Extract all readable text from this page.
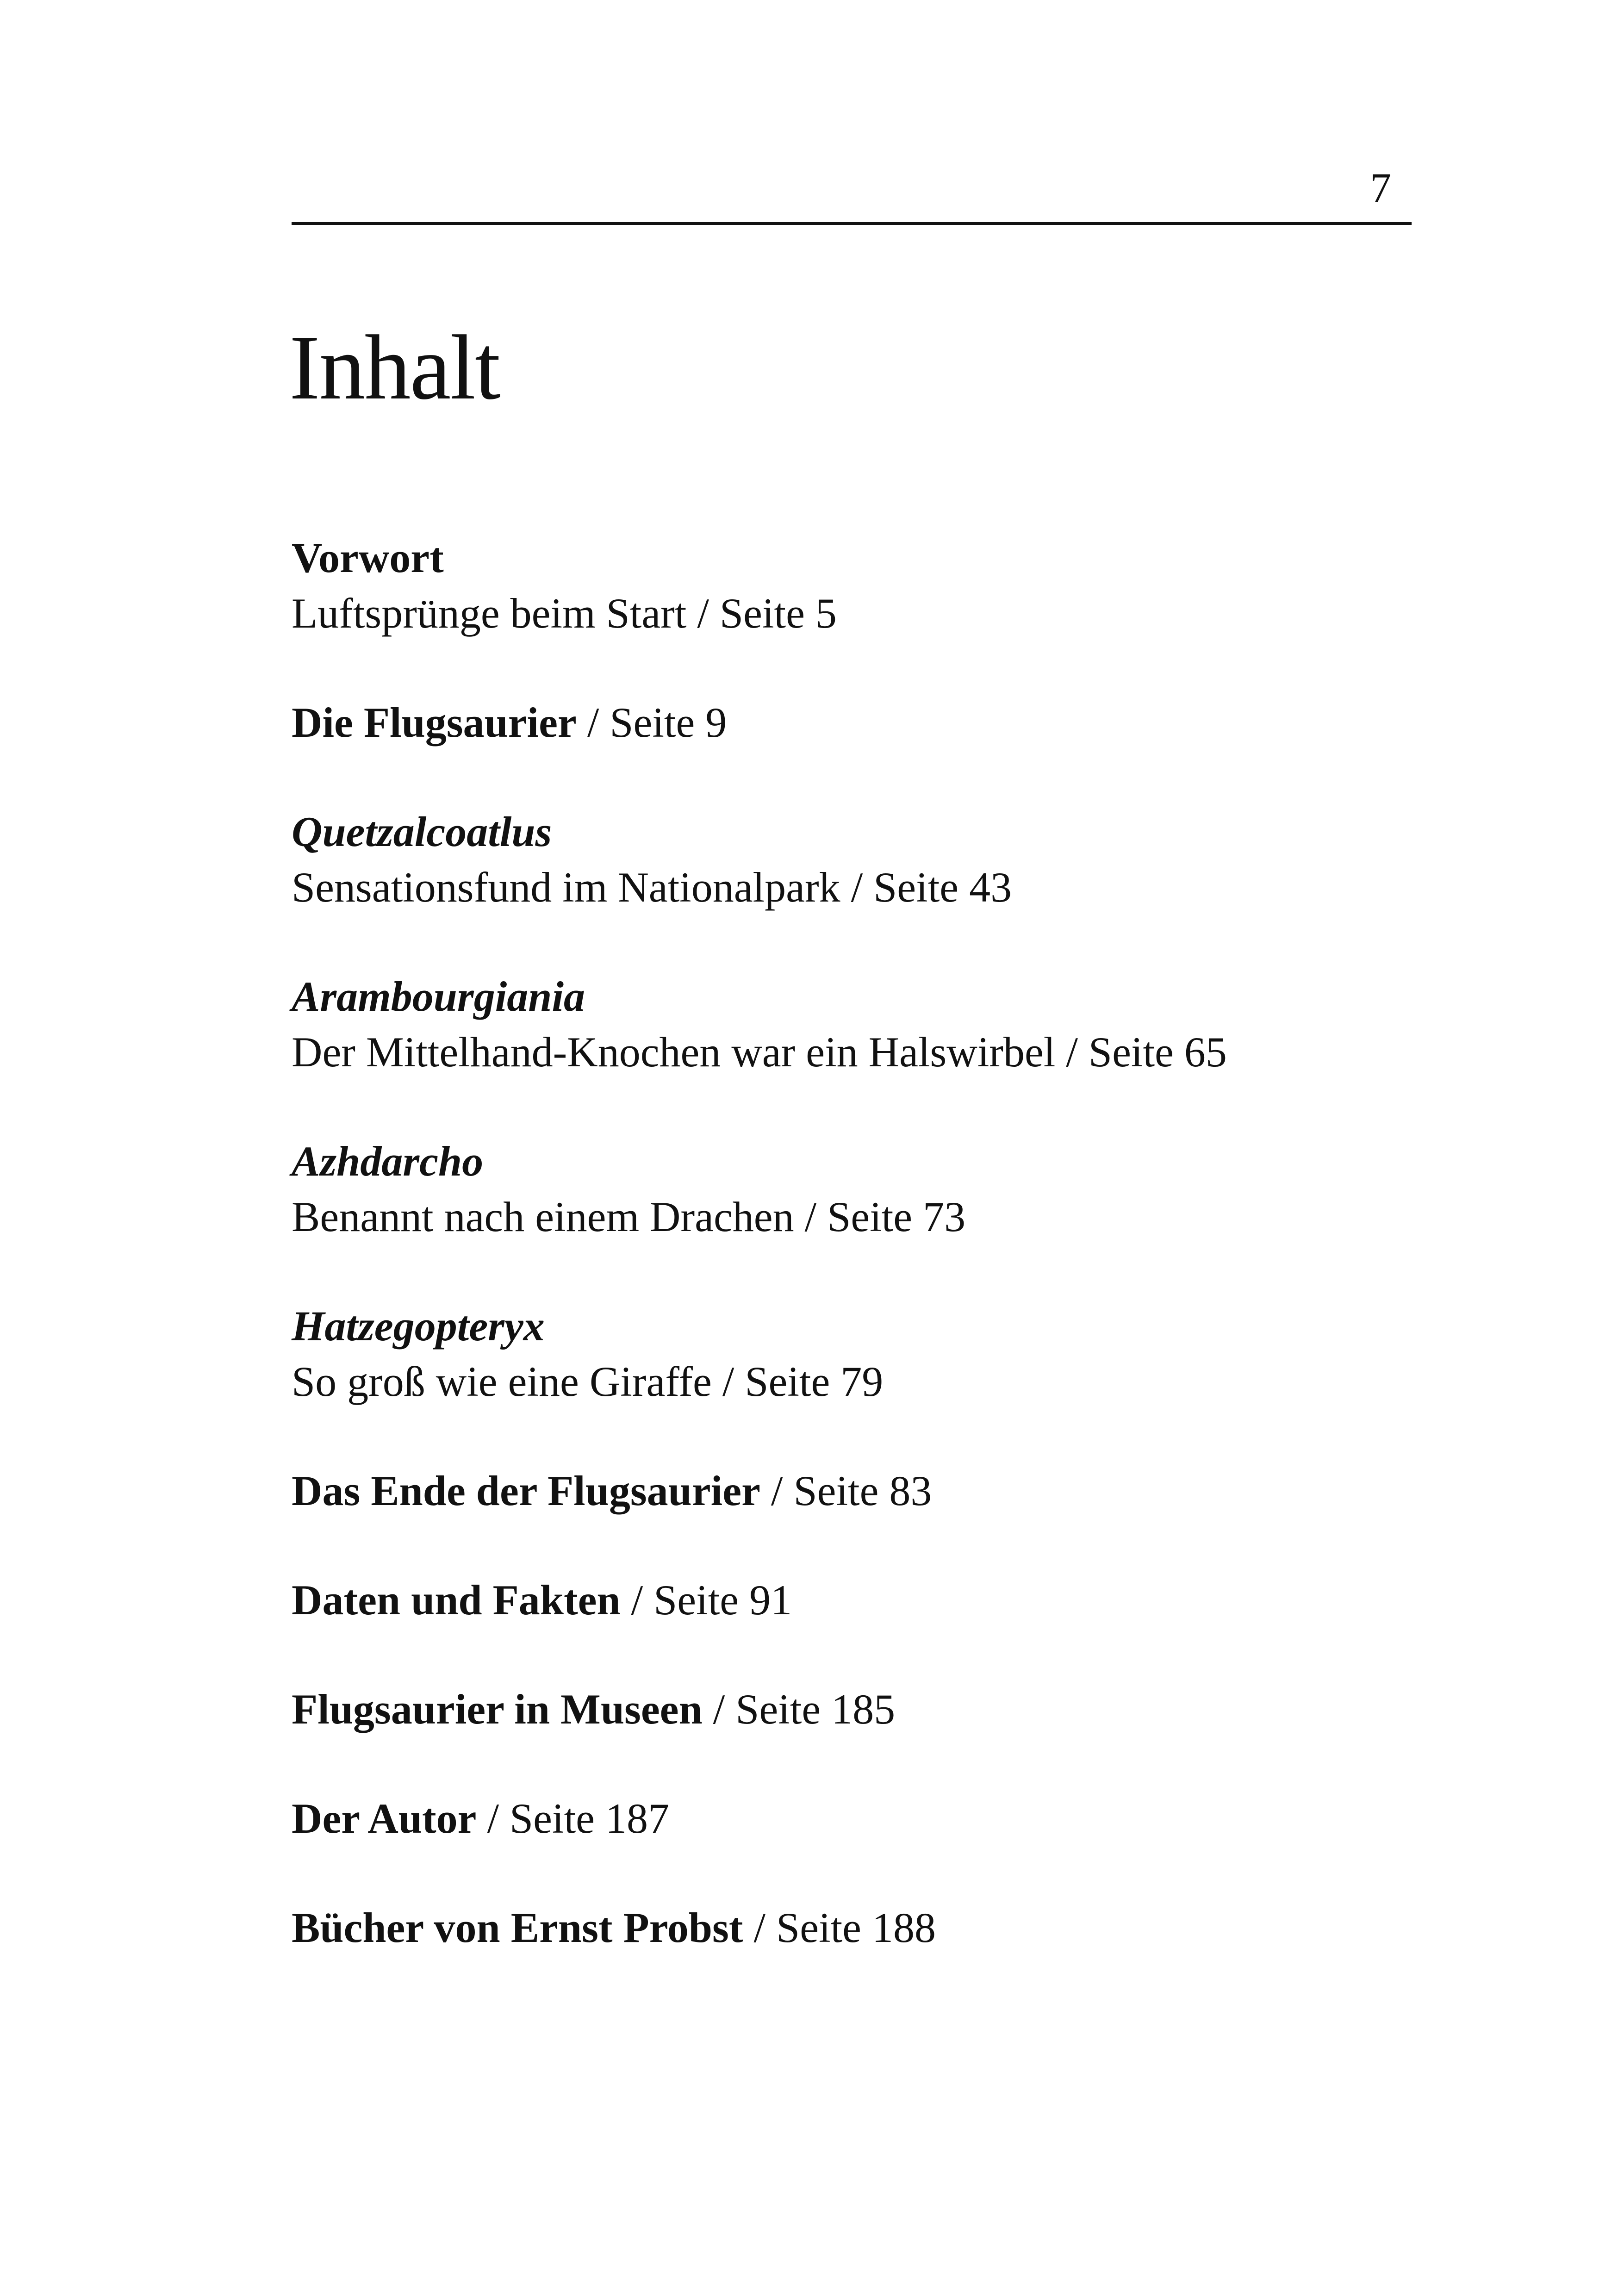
7
Inhalt
Vorwort
Luftsprünge beim Start / Seite 5
Die Flugsaurier / Seite 9
Quetzalcoatlus
Sensationsfund im Nationalpark / Seite 43
Arambourgiania
Der Mittelhand-Knochen war ein Halswirbel / Seite 65
Azhdarcho
Benannt nach einem Drachen / Seite 73
Hatzegopteryx
So groß wie eine Giraffe / Seite 79
Das Ende der Flugsaurier / Seite 83
Daten und Fakten / Seite 91
Flugsaurier in Museen / Seite 185
Der Autor / Seite 187
Bücher von Ernst Probst / Seite 188
